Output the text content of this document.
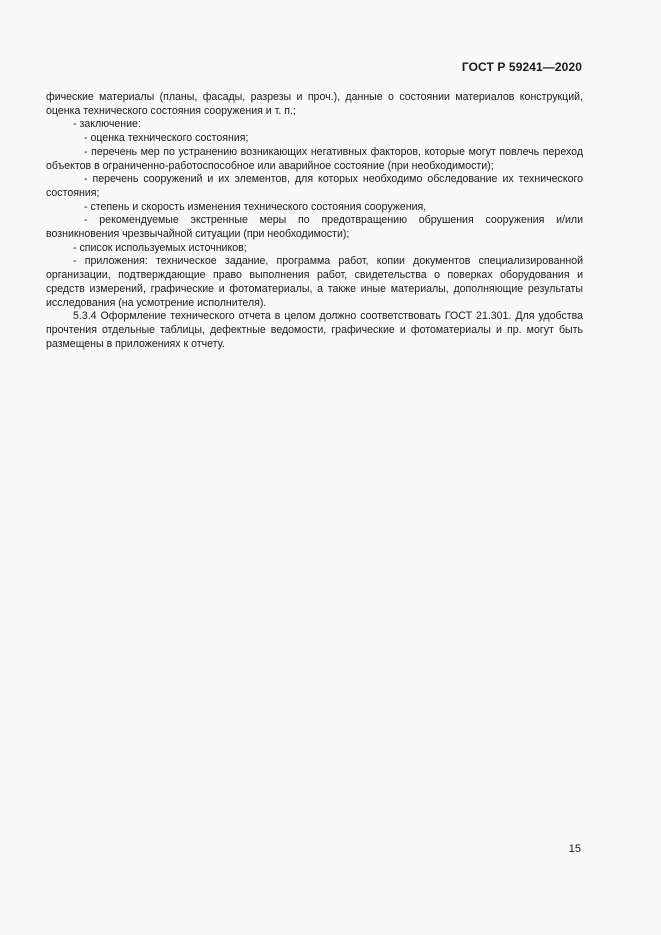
ГОСТ Р 59241—2020

фические материалы (планы, фасады, разрезы и проч.), данные о состоянии материалов конструкций, оценка технического состояния сооружения и т. п.;

- заключение:

- оценка технического состояния;

- перечень мер по устранению возникающих негативных факторов, которые могут повлечь переход объектов в ограниченно-работоспособное или аварийное состояние (при необходимости);

- перечень сооружений и их элементов, для которых необходимо обследование их технического состояния;

- степень и скорость изменения технического состояния сооружения,

- рекомендуемые экстренные меры по предотвращению обрушения сооружения и/или возникновения чрезвычайной ситуации (при необходимости);

- список используемых источников;

- приложения: техническое задание, программа работ, копии документов специализированной организации, подтверждающие право выполнения работ, свидетельства о поверках оборудования и средств измерений, графические и фотоматериалы, а также иные материалы, дополняющие результаты исследования (на усмотрение исполнителя).

5.3.4 Оформление технического отчета в целом должно соответствовать ГОСТ 21.301. Для удобства прочтения отдельные таблицы, дефектные ведомости, графические и фотоматериалы и пр. могут быть размещены в приложениях к отчету.

15
